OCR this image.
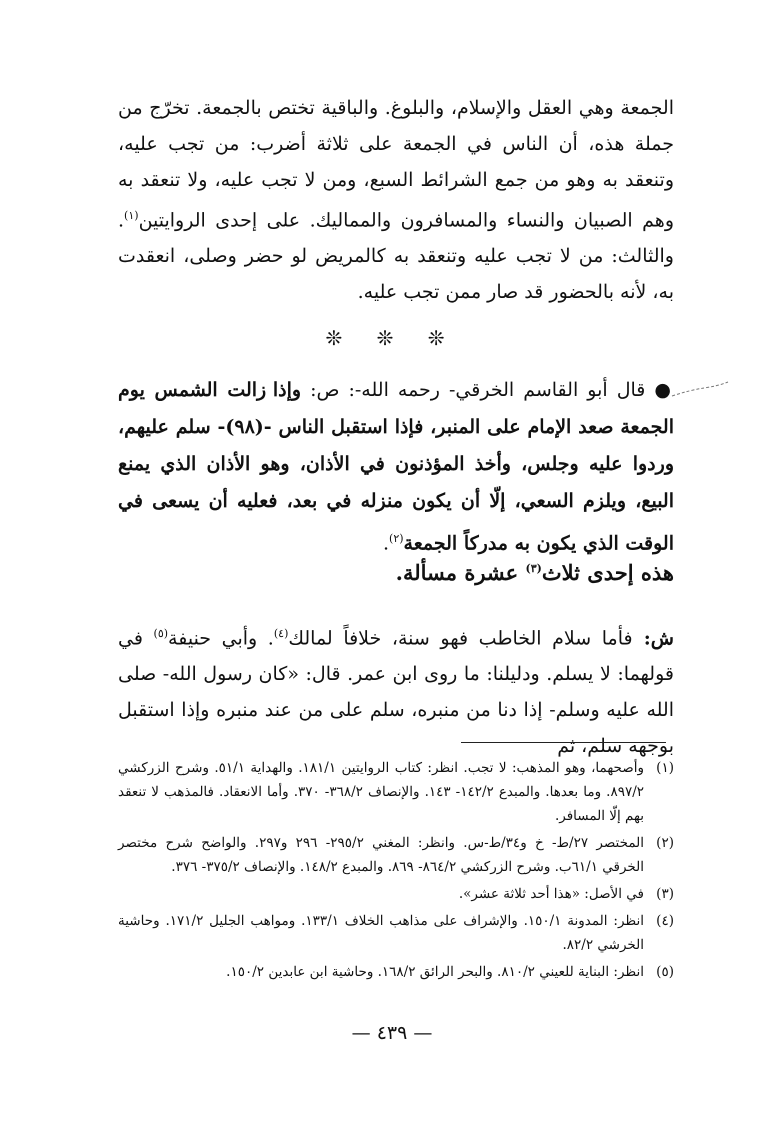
الجمعة وهي العقل والإسلام، والبلوغ. والباقية تختص بالجمعة. تخرّج من جملة هذه، أن الناس في الجمعة على ثلاثة أضرب: من تجب عليه، وتنعقد به وهو من جمع الشرائط السبع، ومن لا تجب عليه، ولا تنعقد به وهم الصبيان والنساء والمسافرون والمماليك. على إحدى الروايتين$^{(١)}$. والثالث: من لا تجب عليه وتنعقد به كالمريض لو حضر وصلى، انعقدت به، لأنه بالحضور قد صار ممن تجب عليه.
❊ ❊ ❊
● قال أبو القاسم الخرقي- رحمه الله-: ص: وإذا زالت الشمس يوم الجمعة صعد الإمام على المنبر، فإذا استقبل الناس -(٩٨)- سلم عليهم، وردوا عليه وجلس، وأخذ المؤذنون في الأذان، وهو الأذان الذي يمنع البيع، ويلزم السعي، إلّا أن يكون منزله في بعد، فعليه أن يسعى في الوقت الذي يكون به مدركاً الجمعة$^{(٢)}$.
هذه إحدى ثلاث$^{(٣)}$ عشرة مسألة.
ش: فأما سلام الخاطب فهو سنة، خلافاً لمالك$^{(٤)}$. وأبي حنيفة$^{(٥)}$ في قولهما: لا يسلم. ودليلنا: ما روى ابن عمر. قال: «كان رسول الله- صلى الله عليه وسلم- إذا دنا من منبره، سلم على من عند منبره وإذا استقبل بوجهه سلم، ثم
(١)
وأصحهما، وهو المذهب: لا تجب. انظر: كتاب الروايتين ١٨١/١. والهداية ٥١/١. وشرح الزركشي ٨٩٧/٢. وما بعدها. والمبدع ١٤٢/٢- ١٤٣. والإنصاف ٣٦٨/٢- ٣٧٠. وأما الانعقاد. فالمذهب لا تنعقد بهم إلّا المسافر.
(٢)
المختصر ٢٧/ط- خ و٣٤/ط-س. وانظر: المغني ٢٩٥/٢- ٢٩٦ و٢٩٧. والواضح شرح مختصر الخرقي ٦١/١ب. وشرح الزركشي ٨٦٤/٢- ٨٦٩. والمبدع ١٤٨/٢. والإنصاف ٣٧٥/٢- ٣٧٦.
(٣)
في الأصل: «هذا أحد ثلاثة عشر».
(٤)
انظر: المدونة ١٥٠/١. والإشراف على مذاهب الخلاف ١٣٣/١. ومواهب الجليل ١٧١/٢. وحاشية الخرشي ٨٢/٢.
(٥)
انظر: البناية للعيني ٨١٠/٢. والبحر الرائق ١٦٨/٢. وحاشية ابن عابدين ١٥٠/٢.
— ٤٣٩ —
